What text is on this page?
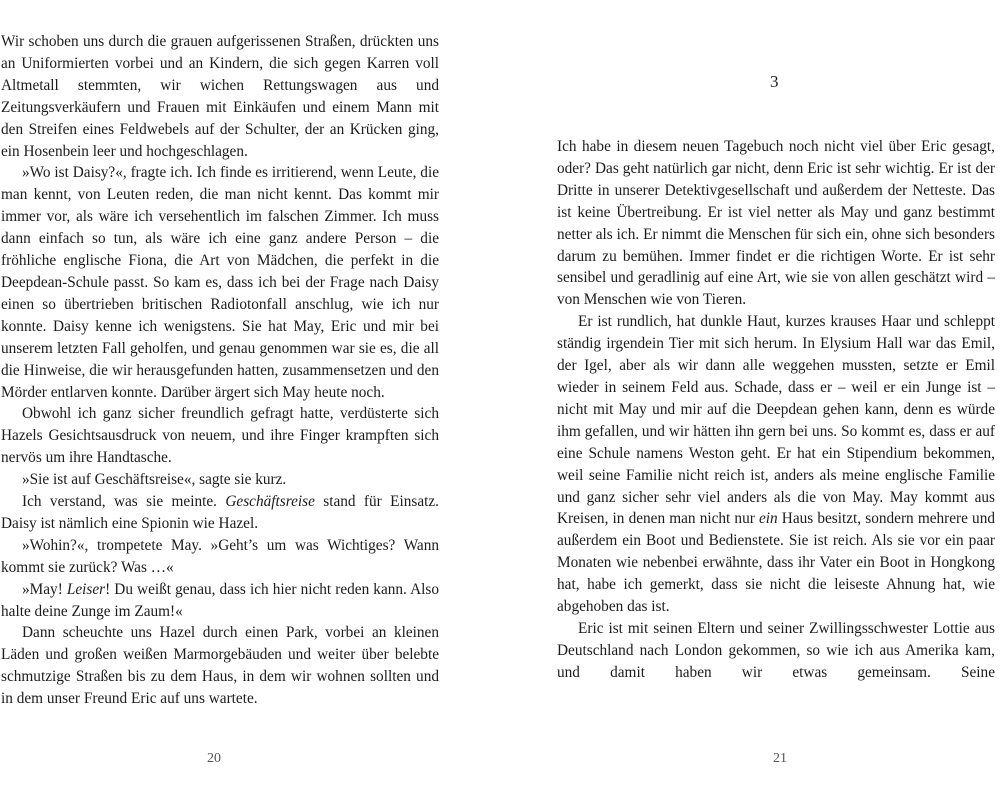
Wir schoben uns durch die grauen aufgerissenen Straßen, drückten uns an Uniformierten vorbei und an Kindern, die sich gegen Karren voll Altmetall stemmten, wir wichen Rettungswagen aus und Zeitungsverkäufern und Frauen mit Einkäufen und einem Mann mit den Streifen eines Feldwebels auf der Schulter, der an Krücken ging, ein Hosenbein leer und hochgeschlagen.

»Wo ist Daisy?«, fragte ich. Ich finde es irritierend, wenn Leute, die man kennt, von Leuten reden, die man nicht kennt. Das kommt mir immer vor, als wäre ich versehentlich im falschen Zimmer. Ich muss dann einfach so tun, als wäre ich eine ganz andere Person – die fröhliche englische Fiona, die Art von Mädchen, die perfekt in die Deepdean-Schule passt. So kam es, dass ich bei der Frage nach Daisy einen so übertrieben britischen Radiotonfall anschlug, wie ich nur konnte. Daisy kenne ich wenigstens. Sie hat May, Eric und mir bei unserem letzten Fall geholfen, und genau genommen war sie es, die all die Hinweise, die wir herausgefunden hatten, zusammensetzen und den Mörder entlarven konnte. Darüber ärgert sich May heute noch.

Obwohl ich ganz sicher freundlich gefragt hatte, verdüsterte sich Hazels Gesichtsausdruck von neuem, und ihre Finger krampften sich nervös um ihre Handtasche.

»Sie ist auf Geschäftsreise«, sagte sie kurz.

Ich verstand, was sie meinte. Geschäftsreise stand für Einsatz. Daisy ist nämlich eine Spionin wie Hazel.

»Wohin?«, trompetete May. »Geht’s um was Wichtiges? Wann kommt sie zurück? Was …«

»May! Leiser! Du weißt genau, dass ich hier nicht reden kann. Also halte deine Zunge im Zaum!«

Dann scheuchte uns Hazel durch einen Park, vorbei an kleinen Läden und großen weißen Marmorgebäuden und weiter über belebte schmutzige Straßen bis zu dem Haus, in dem wir wohnen sollten und in dem unser Freund Eric auf uns wartete.

20
3

Ich habe in diesem neuen Tagebuch noch nicht viel über Eric gesagt, oder? Das geht natürlich gar nicht, denn Eric ist sehr wichtig. Er ist der Dritte in unserer Detektivgesellschaft und außerdem der Netteste. Das ist keine Übertreibung. Er ist viel netter als May und ganz bestimmt netter als ich. Er nimmt die Menschen für sich ein, ohne sich besonders darum zu bemühen. Immer findet er die richtigen Worte. Er ist sehr sensibel und geradlinig auf eine Art, wie sie von allen geschätzt wird – von Menschen wie von Tieren.

Er ist rundlich, hat dunkle Haut, kurzes krauses Haar und schleppt ständig irgendein Tier mit sich herum. In Elysium Hall war das Emil, der Igel, aber als wir dann alle weggehen mussten, setzte er Emil wieder in seinem Feld aus. Schade, dass er – weil er ein Junge ist – nicht mit May und mir auf die Deepdean gehen kann, denn es würde ihm gefallen, und wir hätten ihn gern bei uns. So kommt es, dass er auf eine Schule namens Weston geht. Er hat ein Stipendium bekommen, weil seine Familie nicht reich ist, anders als meine englische Familie und ganz sicher sehr viel anders als die von May. May kommt aus Kreisen, in denen man nicht nur ein Haus besitzt, sondern mehrere und außerdem ein Boot und Bedienstete. Sie ist reich. Als sie vor ein paar Monaten wie nebenbei erwähnte, dass ihr Vater ein Boot in Hongkong hat, habe ich gemerkt, dass sie nicht die leiseste Ahnung hat, wie abgehoben das ist.

Eric ist mit seinen Eltern und seiner Zwillingsschwester Lottie aus Deutschland nach London gekommen, so wie ich aus Amerika kam, und damit haben wir etwas gemeinsam. Seine

21
